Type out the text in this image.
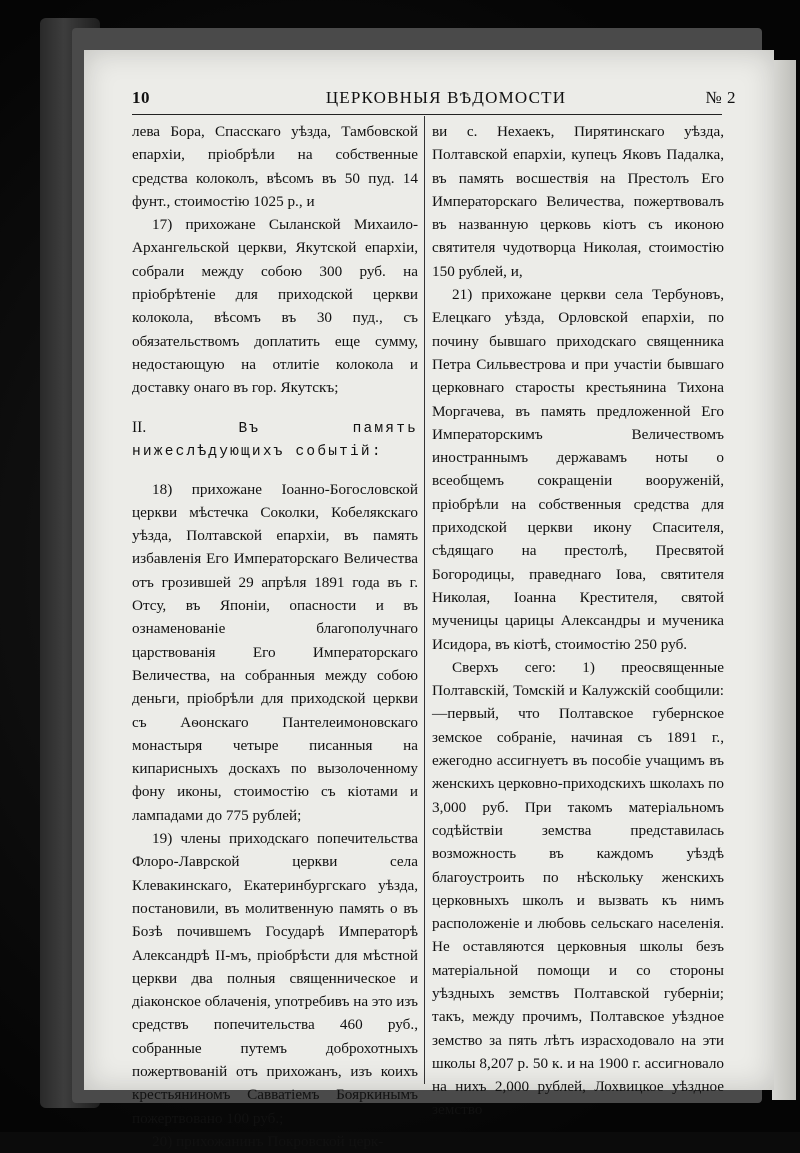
10	ЦЕРКОВНЫЯ ВѢДОМОСТИ	№ 2

лева Бора, Спасскаго уѣзда, Тамбовской епархіи, пріобрѣли на собственные средства колоколъ, вѣсомъ въ 50 пуд. 14 фунт., стоимостію 1025 р., и

17) прихожане Сыланской Михаило-Архангельской церкви, Якутской епархіи, собрали между собою 300 руб. на пріобрѣтеніе для приходской церкви колокола, вѣсомъ въ 30 пуд., съ обязательствомъ доплатить еще сумму, недостающую на отлитіе колокола и доставку онаго въ гор. Якутскъ;

II.	Въ память нижеслѣдующихъ событій:

18) прихожане Іоанно-Богословской церкви мѣстечка Соколки, Кобелякскаго уѣзда, Полтавской епархіи, въ память избавленія Его Императорскаго Величества отъ грозившей 29 апрѣля 1891 года въ г. Отсу, въ Японіи, опасности и въ ознаменованіе благополучнаго царствованія Его Императорскаго Величества, на собранныя между собою деньги, пріобрѣли для приходской церкви съ Аѳонскаго Пантелеимоновскаго монастыря четыре писанныя на кипарисныхъ доскахъ по вызолоченному фону иконы, стоимостію съ кіотами и лампадами до 775 рублей;

19) члены приходскаго попечительства Флоро-Лаврской церкви села Клевакинскаго, Екатеринбургскаго уѣзда, постановили, въ молитвенную память о въ Бозѣ почившемъ Государѣ Императорѣ Александрѣ II-мъ, пріобрѣсти для мѣстной церкви два полныя священническое и діаконское облаченія, употребивъ на это изъ средствъ попечительства 460 руб., собранные путемъ доброхотныхъ пожертвованій отъ прихожанъ, изъ коихъ крестьяниномъ Савватіемъ Бояркинымъ пожертвовано 100 руб.;

20) прихожанинъ Покровской церк-

ви с. Нехаекъ, Пирятинскаго уѣзда, Полтавской епархіи, купецъ Яковъ Падалка, въ память восшествія на Престолъ Его Императорскаго Величества, пожертвовалъ въ названную церковь кіотъ съ иконою святителя чудотворца Николая, стоимостію 150 рублей, и,

21) прихожане церкви села Тербуновъ, Елецкаго уѣзда, Орловской епархіи, по почину бывшаго приходскаго священника Петра Сильвестрова и при участіи бывшаго церковнаго старосты крестьянина Тихона Моргачева, въ память предложенной Его Императорскимъ Величествомъ иностраннымъ державамъ ноты о всеобщемъ сокращеніи вооруженій, пріобрѣли на собственныя средства для приходской церкви икону Спасителя, сѣдящаго на престолѣ, Пресвятой Богородицы, праведнаго Іова, святителя Николая, Іоанна Крестителя, святой мученицы царицы Александры и мученика Исидора, въ кіотѣ, стоимостію 250 руб.

Сверхъ сего: 1) преосвященные Полтавскій, Томскій и Калужскій сообщили:—первый, что Полтавское губернское земское собраніе, начиная съ 1891 г., ежегодно ассигнуетъ въ пособіе учащимъ въ женскихъ церковно-приходскихъ школахъ по 3,000 руб. При такомъ матеріальномъ содѣйствіи земства представилась возможность въ каждомъ уѣздѣ благоустроить по нѣскольку женскихъ церковныхъ школъ и вызвать къ нимъ расположеніе и любовь сельскаго населенія. Не оставляются церковныя школы безъ матеріальной помощи и со стороны уѣздныхъ земствъ Полтавской губерніи; такъ, между прочимъ, Полтавское уѣздное земство за пять лѣтъ израсходовало на эти школы 8,207 р. 50 к. и на 1900 г. ассигновало на нихъ 2,000 рублей, Лохвицкое уѣздное земство
